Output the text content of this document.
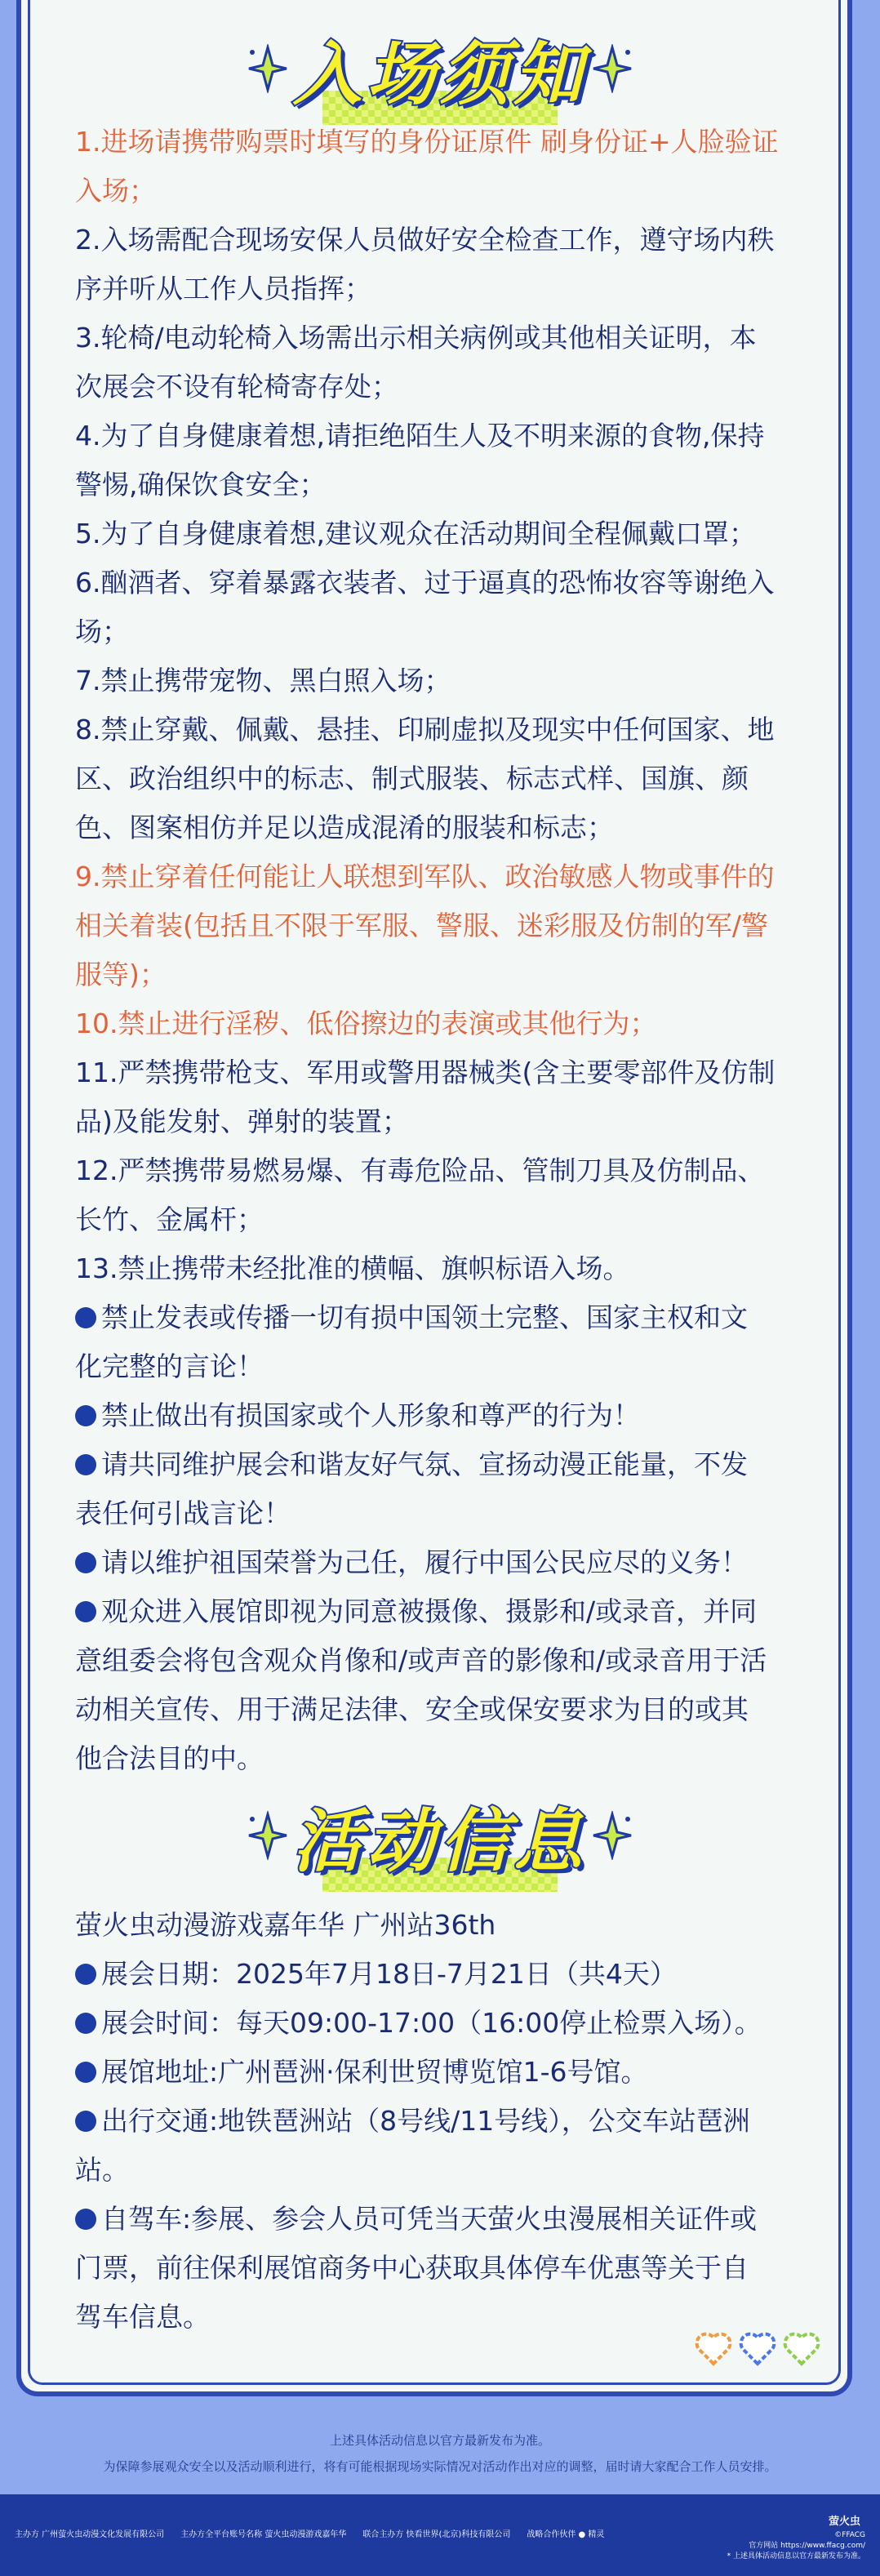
入场须知

1.进场请携带购票时填写的身份证原件 刷身份证+人脸验证

入场；

2.入场需配合现场安保人员做好安全检查工作，遵守场内秩

序并听从工作人员指挥；

3.轮椅/电动轮椅入场需出示相关病例或其他相关证明，本

次展会不设有轮椅寄存处；

4.为了自身健康着想,请拒绝陌生人及不明来源的食物,保持

警惕,确保饮食安全；

5.为了自身健康着想,建议观众在活动期间全程佩戴口罩；

6.酗酒者、穿着暴露衣装者、过于逼真的恐怖妆容等谢绝入

场；

7.禁止携带宠物、黑白照入场；

8.禁止穿戴、佩戴、悬挂、印刷虚拟及现实中任何国家、地

区、政治组织中的标志、制式服装、标志式样、国旗、颜

色、图案相仿并足以造成混淆的服装和标志；

9.禁止穿着任何能让人联想到军队、政治敏感人物或事件的

相关着装(包括且不限于军服、警服、迷彩服及仿制的军/警

服等)；

10.禁止进行淫秽、低俗擦边的表演或其他行为；

11.严禁携带枪支、军用或警用器械类(含主要零部件及仿制

品)及能发射、弹射的装置；

12.严禁携带易燃易爆、有毒危险品、管制刀具及仿制品、

长竹、金属杆；

13.禁止携带未经批准的横幅、旗帜标语入场。

禁止发表或传播一切有损中国领土完整、国家主权和文

化完整的言论！

禁止做出有损国家或个人形象和尊严的行为！

请共同维护展会和谐友好气氛、宣扬动漫正能量，不发

表任何引战言论！

请以维护祖国荣誉为己任，履行中国公民应尽的义务！

观众进入展馆即视为同意被摄像、摄影和/或录音，并同

意组委会将包含观众肖像和/或声音的影像和/或录音用于活

动相关宣传、用于满足法律、安全或保安要求为目的或其

他合法目的中。

活动信息

萤火虫动漫游戏嘉年华 广州站36th

展会日期：2025年7月18日-7月21日（共4天）

展会时间：每天09:00-17:00（16:00停止检票入场）。

展馆地址:广州琶洲·保利世贸博览馆1-6号馆。

出行交通:地铁琶洲站（8号线/11号线），公交车站琶洲

站。

自驾车:参展、参会人员可凭当天萤火虫漫展相关证件或

门票，前往保利展馆商务中心获取具体停车优惠等关于自

驾车信息。

上述具体活动信息以官方最新发布为准。
为保障参展观众安全以及活动顺利进行，将有可能根据现场实际情况对活动作出对应的调整，届时请大家配合工作人员安排。
主办方 广州萤火虫动漫文化发展有限公司　　主办方全平台账号名称 萤火虫动漫游戏嘉年华　　联合主办方 快看世界(北京)科技有限公司　　战略合作伙伴 ● 精灵
萤火虫
©FFACG
官方网站 https://www.ffacg.com/
* 上述具体活动信息以官方最新发布为准。
